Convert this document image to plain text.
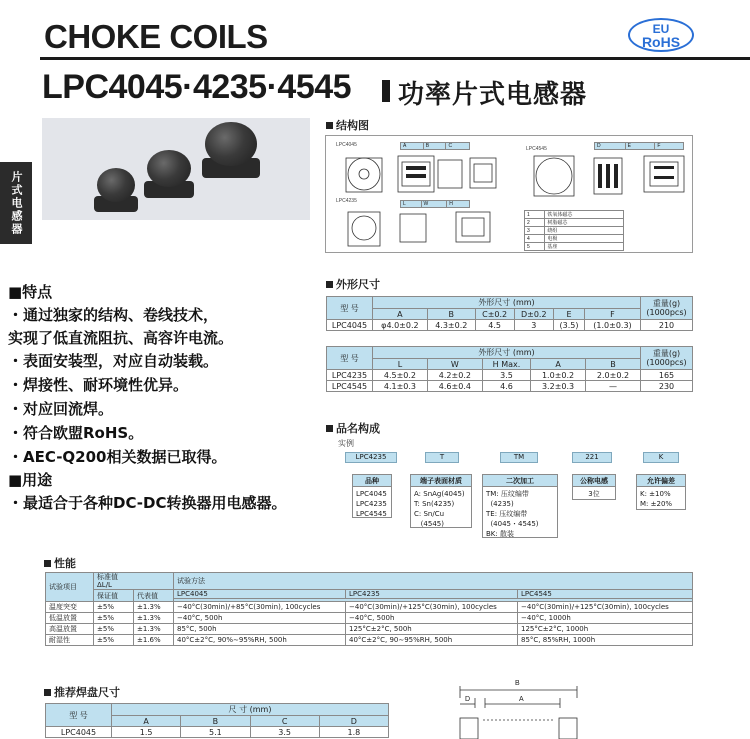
CHOKE COILS	EU
RoHS
LPC4045·4235·4545 功率片式电感器
片式电感器
结构图
LPC4045
LPC4545
LPC4235
1	铁氧体磁芯
2	树脂磁芯
3	绕组
4	电极
5	基座
A	B	C	D	E	F
L	W	H
■特点
・通过独家的结构、卷线技术，
实现了低直流阻抗、高容许电流。
・表面安装型，对应自动装载。
・焊接性、耐环境性优异。
・对应回流焊。
・符合欧盟RoHS。
・AEC-Q200相关数据已取得。
■用途
・最适合于各种DC-DC转换器用电感器。
外形尺寸
型 号	外形尺寸 (mm)						重量(g)
(1000pcs)
	A	B	C±0.2	D±0.2	E	F	
LPC4045	φ4.0±0.2	4.3±0.2	4.5	3	(3.5)	(1.0±0.3)	210
型 号	外形尺寸 (mm)					重量(g)
(1000pcs)
	L	W	H Max.	A	B	
LPC4235	4.5±0.2	4.2±0.2	3.5	1.0±0.2	2.0±0.2	165
LPC4545	4.1±0.3	4.6±0.4	4.6	3.2±0.3	—	230
品名构成
实例
LPC4235	T	TM	221	K
品种
LPC4045
LPC4235
LPC4545
端子表面材质
A: SnAg(4045)
T: Sn(4235)
C: Sn/Cu
(4545)
二次加工
TM: 压纹编带
(4235)
TE: 压纹编带
(4045・4545)
BK: 散装
公称电感
3位
允许偏差
K: ±10%
M: ±20%
性能
试验项目	标准值
ΔL/L		试验方法		
	保证值	代表值	LPC4045	LPC4235	LPC4545

温度突变	±5%	±1.3%	−40°C(30min)/+85°C(30min), 100cycles	−40°C(30min)/+125°C(30min), 100cycles	−40°C(30min)/+125°C(30min), 100cycles
低温放置	±5%	±1.3%	−40°C, 500h	−40°C, 500h	−40°C, 1000h
高温放置	±5%	±1.3%	85°C, 500h	125°C±2°C, 500h	125°C±2°C, 1000h
耐湿性	±5%	±1.6%	40°C±2°C, 90%∼95%RH, 500h	40°C±2°C, 90∼95%RH, 500h	85°C, 85%RH, 1000h
推荐焊盘尺寸
型 号	尺 寸 (mm)			
	A	B	C	D
LPC4045	1.5	5.1	3.5	1.8
B
D	A
